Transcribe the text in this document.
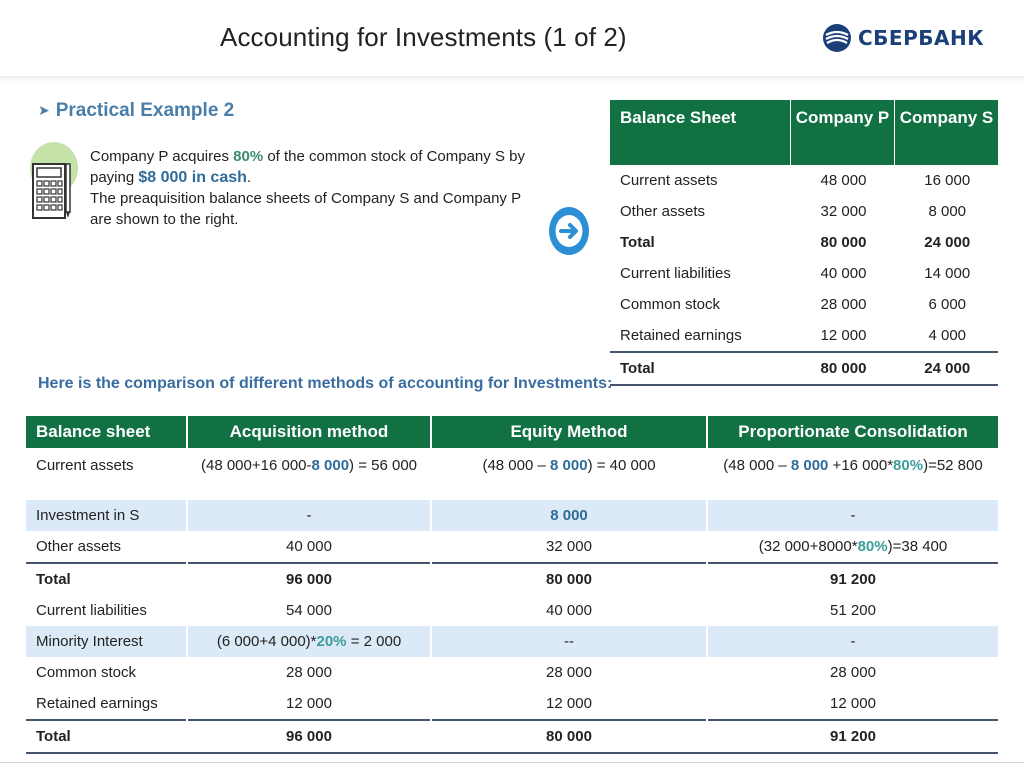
Accounting for Investments (1 of 2)	СБЕРБАНК
➤ Practical Example 2
Company P acquires 80% of the common stock of Company S by paying $8 000 in cash.
The preaquisition balance sheets of Company S and Company P are shown to the right.
Balance Sheet	Company P	Company S
Current assets	48 000	16 000
Other assets	32 000	8 000
Total	80 000	24 000
Current liabilities	40 000	14 000
Common stock	28 000	6 000
Retained earnings	12 000	4 000
Total	80 000	24 000
Here is the comparison of different methods of accounting for Investments:
Balance sheet	Acquisition method	Equity Method	Proportionate Consolidation
Current assets	(48 000+16 000-8 000) = 56 000	(48 000 – 8 000) = 40 000	(48 000 – 8 000 +16 000*80%)=52 800
Investment in S	-	8 000	-
Other assets	40 000	32 000	(32 000+8000*80%)=38 400
Total	96 000	80 000	91 200
Current liabilities	54 000	40 000	51 200
Minority Interest	(6 000+4 000)*20% = 2 000	--	-
Common stock	28 000	28 000	28 000
Retained earnings	12 000	12 000	12 000
Total	96 000	80 000	91 200
